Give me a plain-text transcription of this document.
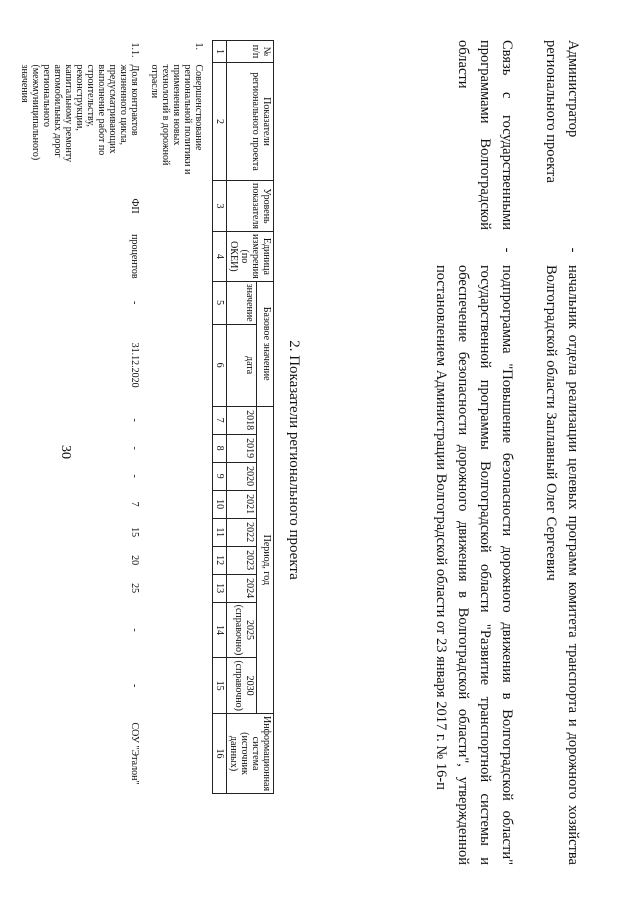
30
Администратор регионального проекта
-
начальник отдела реализации целевых программ комитета транспорта и дорожного хозяйства Волгоградской области Заплавный Олег Сергеевич
Связь с государственными программами Волгоградской области
-
подпрограмма "Повышение безопасности дорожного движения в Волгоградской области" государственной программы Волгоградской области "Развитие транспортной системы и обеспечение безопасности дорожного движения в Волгоградской области", утвержденной постановлением Администрации Волгоградской области от 23 января 2017 г. № 16-п
2. Показатели регионального проекта
№ п/п	Показатели регионального проекта	Уровень показателя	Единица измерения (по ОКЕИ)	Базовое значение		Период, год									Информационная система (источник данных)
				значение	дата	2018	2019	2020	2021	2022	2023	2024	2025 (справочно)	2030 (справочно)	
1	2	3	4	5	6	7	8	9	10	11	12	13	14	15	16
1.	Совершенствование региональной политики и применения новых технологий в дорожной отрасли														
1.1.	Доля контрактов жизненного цикла, предусматривающих выполнение работ по строительству, реконструкции, капитальному ремонту автомобильных дорог регионального (межмуниципального) значения	ФП	процентов	-	31.12.2020	-	-	-	7	15	20	25	-	-	СОУ "Эталон"
